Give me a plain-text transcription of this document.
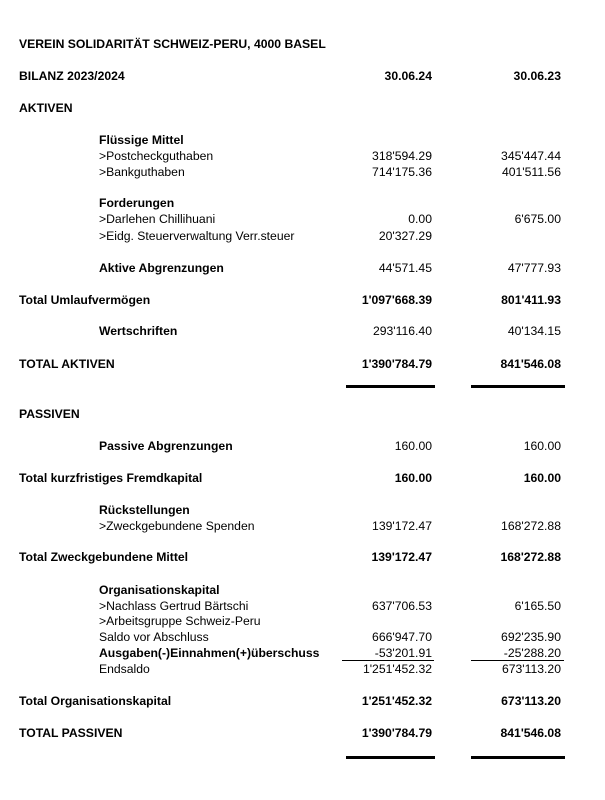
VEREIN SOLIDARITÄT SCHWEIZ-PERU, 4000 BASEL
BILANZ 2023/2024	30.06.24	30.06.23
AKTIVEN
Flüssige Mittel
>Postcheckguthaben	318'594.29	345'447.44
>Bankguthaben	714'175.36	401'511.56
Forderungen
>Darlehen Chillihuani	0.00	6'675.00
>Eidg. Steuerverwaltung Verr.steuer	20'327.29
Aktive Abgrenzungen	44'571.45	47'777.93
Total Umlaufvermögen	1'097'668.39	801'411.93
Wertschriften	293'116.40	40'134.15
TOTAL AKTIVEN	1'390'784.79	841'546.08
PASSIVEN
Passive Abgrenzungen	160.00	160.00
Total kurzfristiges Fremdkapital	160.00	160.00
Rückstellungen
>Zweckgebundene Spenden	139'172.47	168'272.88
Total Zweckgebundene Mittel	139'172.47	168'272.88
Organisationskapital
>Nachlass Gertrud Bärtschi	637'706.53	6'165.50
>Arbeitsgruppe Schweiz-Peru
Saldo vor Abschluss	666'947.70	692'235.90
Ausgaben(-)Einnahmen(+)überschuss	-53'201.91	-25'288.20
Endsaldo	1'251'452.32	673'113.20
Total Organisationskapital	1'251'452.32	673'113.20
TOTAL PASSIVEN	1'390'784.79	841'546.08
